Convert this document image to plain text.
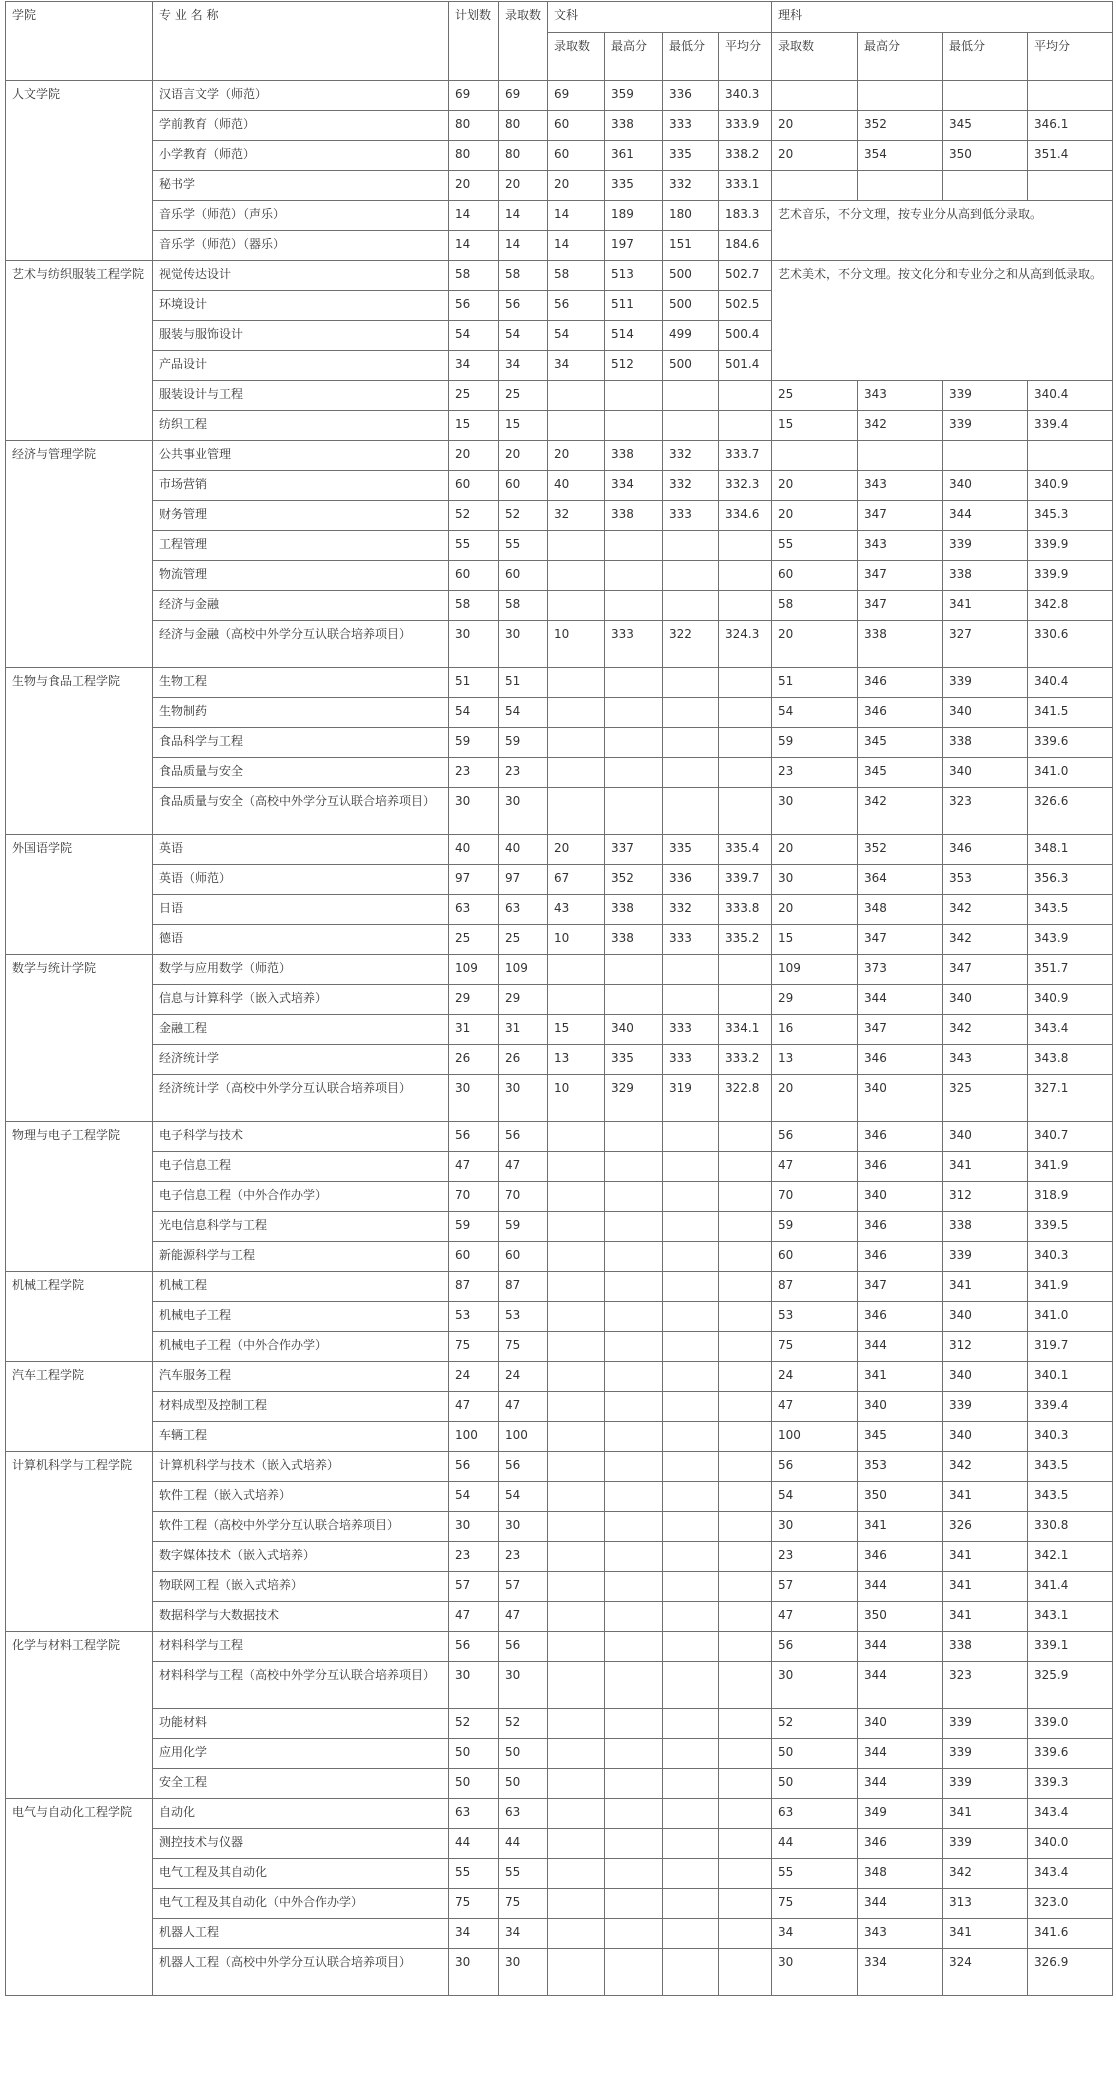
学院	专 业 名 称	计划数	录取数	文科				理科			
				录取数	最高分	最低分	平均分	录取数	最高分	最低分	平均分
人文学院	汉语言文学（师范）	69	69	69	359	336	340.3				
	学前教育（师范）	80	80	60	338	333	333.9	20	352	345	346.1
	小学教育（师范）	80	80	60	361	335	338.2	20	354	350	351.4
	秘书学	20	20	20	335	332	333.1				
	音乐学（师范）（声乐）	14	14	14	189	180	183.3	艺术音乐，不分文理，按专业分从高到低分录取。			
	音乐学（师范）（器乐）	14	14	14	197	151	184.6				
艺术与纺织服装工程学院	视觉传达设计	58	58	58	513	500	502.7	艺术美术，不分文理。按文化分和专业分之和从高到低录取。			
	环境设计	56	56	56	511	500	502.5				
	服装与服饰设计	54	54	54	514	499	500.4				
	产品设计	34	34	34	512	500	501.4				
	服装设计与工程	25	25					25	343	339	340.4
	纺织工程	15	15					15	342	339	339.4
经济与管理学院	公共事业管理	20	20	20	338	332	333.7				
	市场营销	60	60	40	334	332	332.3	20	343	340	340.9
	财务管理	52	52	32	338	333	334.6	20	347	344	345.3
	工程管理	55	55					55	343	339	339.9
	物流管理	60	60					60	347	338	339.9
	经济与金融	58	58					58	347	341	342.8
	经济与金融（高校中外学分互认联合培养项目）	30	30	10	333	322	324.3	20	338	327	330.6
生物与食品工程学院	生物工程	51	51					51	346	339	340.4
	生物制药	54	54					54	346	340	341.5
	食品科学与工程	59	59					59	345	338	339.6
	食品质量与安全	23	23					23	345	340	341.0
	食品质量与安全（高校中外学分互认联合培养项目）	30	30					30	342	323	326.6
外国语学院	英语	40	40	20	337	335	335.4	20	352	346	348.1
	英语（师范）	97	97	67	352	336	339.7	30	364	353	356.3
	日语	63	63	43	338	332	333.8	20	348	342	343.5
	德语	25	25	10	338	333	335.2	15	347	342	343.9
数学与统计学院	数学与应用数学（师范）	109	109					109	373	347	351.7
	信息与计算科学（嵌入式培养）	29	29					29	344	340	340.9
	金融工程	31	31	15	340	333	334.1	16	347	342	343.4
	经济统计学	26	26	13	335	333	333.2	13	346	343	343.8
	经济统计学（高校中外学分互认联合培养项目）	30	30	10	329	319	322.8	20	340	325	327.1
物理与电子工程学院	电子科学与技术	56	56					56	346	340	340.7
	电子信息工程	47	47					47	346	341	341.9
	电子信息工程（中外合作办学）	70	70					70	340	312	318.9
	光电信息科学与工程	59	59					59	346	338	339.5
	新能源科学与工程	60	60					60	346	339	340.3
机械工程学院	机械工程	87	87					87	347	341	341.9
	机械电子工程	53	53					53	346	340	341.0
	机械电子工程（中外合作办学）	75	75					75	344	312	319.7
汽车工程学院	汽车服务工程	24	24					24	341	340	340.1
	材料成型及控制工程	47	47					47	340	339	339.4
	车辆工程	100	100					100	345	340	340.3
计算机科学与工程学院	计算机科学与技术（嵌入式培养）	56	56					56	353	342	343.5
	软件工程（嵌入式培养）	54	54					54	350	341	343.5
	软件工程（高校中外学分互认联合培养项目）	30	30					30	341	326	330.8
	数字媒体技术（嵌入式培养）	23	23					23	346	341	342.1
	物联网工程（嵌入式培养）	57	57					57	344	341	341.4
	数据科学与大数据技术	47	47					47	350	341	343.1
化学与材料工程学院	材料科学与工程	56	56					56	344	338	339.1
	材料科学与工程（高校中外学分互认联合培养项目）	30	30					30	344	323	325.9
	功能材料	52	52					52	340	339	339.0
	应用化学	50	50					50	344	339	339.6
	安全工程	50	50					50	344	339	339.3
电气与自动化工程学院	自动化	63	63					63	349	341	343.4
	测控技术与仪器	44	44					44	346	339	340.0
	电气工程及其自动化	55	55					55	348	342	343.4
	电气工程及其自动化（中外合作办学）	75	75					75	344	313	323.0
	机器人工程	34	34					34	343	341	341.6
	机器人工程（高校中外学分互认联合培养项目）	30	30					30	334	324	326.9
